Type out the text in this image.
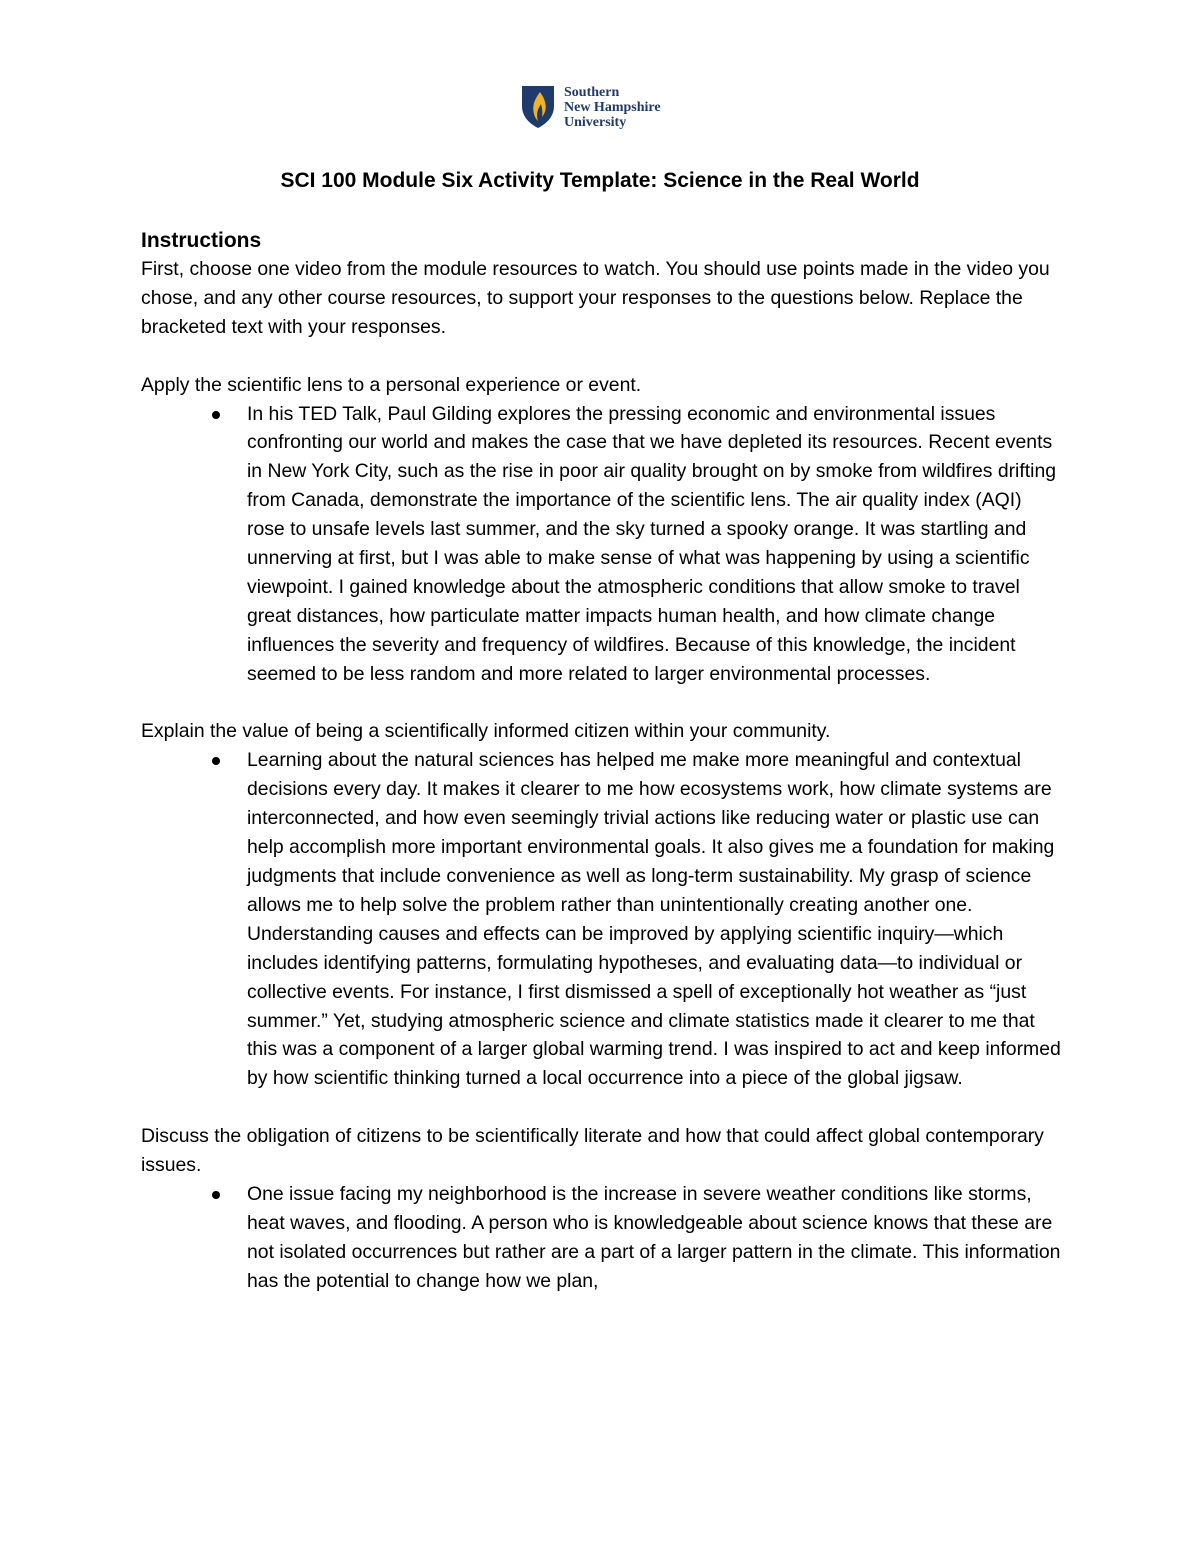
Southern
New Hampshire
University
SCI 100 Module Six Activity Template: Science in the Real World
Instructions

First, choose one video from the module resources to watch. You should use points made in the video you chose, and any other course resources, to support your responses to the questions below. Replace the bracketed text with your responses.

Apply the scientific lens to a personal experience or event.

In his TED Talk, Paul Gilding explores the pressing economic and environmental issues confronting our world and makes the case that we have depleted its resources. Recent events in New York City, such as the rise in poor air quality brought on by smoke from wildfires drifting from Canada, demonstrate the importance of the scientific lens. The air quality index (AQI) rose to unsafe levels last summer, and the sky turned a spooky orange. It was startling and unnerving at first, but I was able to make sense of what was happening by using a scientific viewpoint. I gained knowledge about the atmospheric conditions that allow smoke to travel great distances, how particulate matter impacts human health, and how climate change influences the severity and frequency of wildfires. Because of this knowledge, the incident seemed to be less random and more related to larger environmental processes.

Explain the value of being a scientifically informed citizen within your community.

Learning about the natural sciences has helped me make more meaningful and contextual decisions every day. It makes it clearer to me how ecosystems work, how climate systems are interconnected, and how even seemingly trivial actions like reducing water or plastic use can help accomplish more important environmental goals. It also gives me a foundation for making judgments that include convenience as well as long-term sustainability. My grasp of science allows me to help solve the problem rather than unintentionally creating another one. Understanding causes and effects can be improved by applying scientific inquiry—which includes identifying patterns, formulating hypotheses, and evaluating data—to individual or collective events. For instance, I first dismissed a spell of exceptionally hot weather as “just summer.” Yet, studying atmospheric science and climate statistics made it clearer to me that this was a component of a larger global warming trend. I was inspired to act and keep informed by how scientific thinking turned a local occurrence into a piece of the global jigsaw.

Discuss the obligation of citizens to be scientifically literate and how that could affect global contemporary issues.

One issue facing my neighborhood is the increase in severe weather conditions like storms, heat waves, and flooding. A person who is knowledgeable about science knows that these are not isolated occurrences but rather are a part of a larger pattern in the climate. This information has the potential to change how we plan,
